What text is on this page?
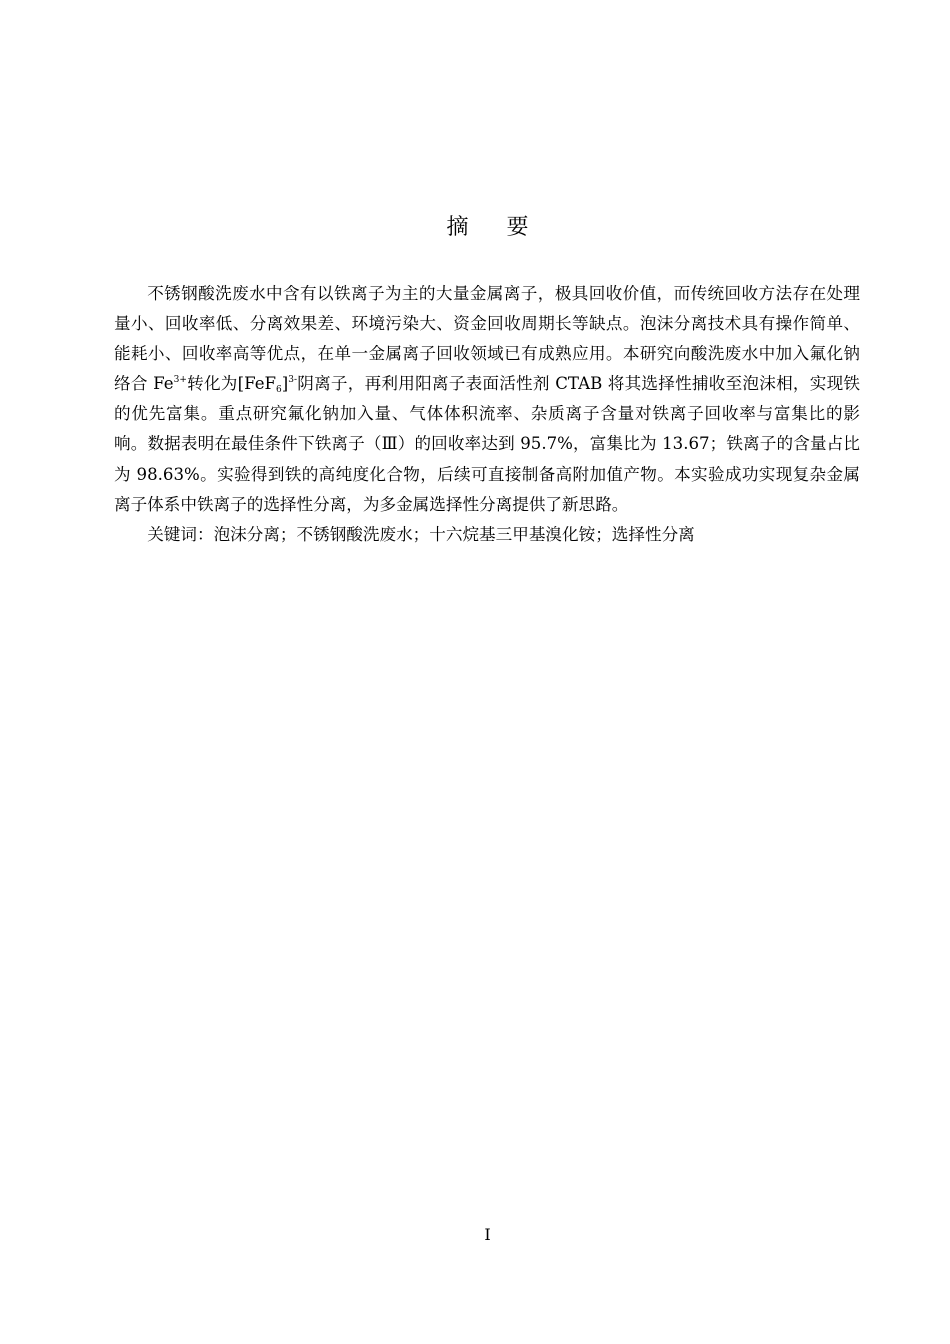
摘 要

不锈钢酸洗废水中含有以铁离子为主的大量金属离子，极具回收价值，而传统回收方法存在处理量小、回收率低、分离效果差、环境污染大、资金回收周期长等缺点。泡沫分离技术具有操作简单、能耗小、回收率高等优点，在单一金属离子回收领域已有成熟应用。本研究向酸洗废水中加入氟化钠络合 $Fe^{3+}$转化为$[FeF_6]^{3-}$阴离子，再利用阳离子表面活性剂 CTAB 将其选择性捕收至泡沫相，实现铁的优先富集。重点研究氟化钠加入量、气体体积流率、杂质离子含量对铁离子回收率与富集比的影响。数据表明在最佳条件下铁离子（Ⅲ）的回收率达到 95.7%，富集比为 13.67；铁离子的含量占比为 98.63%。实验得到铁的高纯度化合物，后续可直接制备高附加值产物。本实验成功实现复杂金属离子体系中铁离子的选择性分离，为多金属选择性分离提供了新思路。

关键词：泡沫分离；不锈钢酸洗废水；十六烷基三甲基溴化铵；选择性分离

I
